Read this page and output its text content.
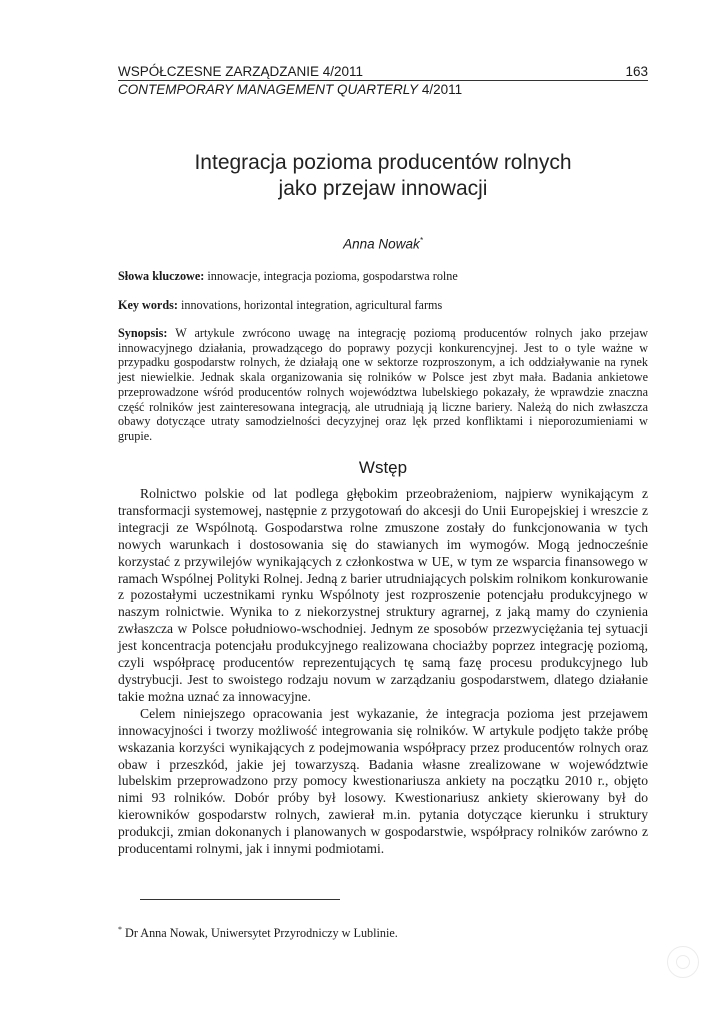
WSPÓŁCZESNE ZARZĄDZANIE 4/2011	163
CONTEMPORARY MANAGEMENT QUARTERLY 4/2011
Integracja pozioma producentów rolnych
jako przejaw innowacji
Anna Nowak*
Słowa kluczowe: innowacje, integracja pozioma, gospodarstwa rolne
Key words: innovations, horizontal integration, agricultural farms
Synopsis: W artykule zwrócono uwagę na integrację poziomą producentów rolnych jako przejaw innowacyjnego działania, prowadzącego do poprawy pozycji konkurencyjnej. Jest to o tyle ważne w przypadku gospodarstw rolnych, że działają one w sektorze rozproszonym, a ich oddziaływanie na rynek jest niewielkie. Jednak skala organizowania się rolników w Polsce jest zbyt mała. Badania ankietowe przeprowadzone wśród producentów rolnych województwa lubelskiego pokazały, że wprawdzie znaczna część rolników jest zainteresowana integracją, ale utrudniają ją liczne bariery. Należą do nich zwłaszcza obawy dotyczące utraty samodzielności decyzyjnej oraz lęk przed konfliktami i nieporozumieniami w grupie.
Wstęp

Rolnictwo polskie od lat podlega głębokim przeobrażeniom, najpierw wynikającym z transformacji systemowej, następnie z przygotowań do akcesji do Unii Europejskiej i wreszcie z integracji ze Wspólnotą. Gospodarstwa rolne zmuszone zostały do funkcjonowania w tych nowych warunkach i dostosowania się do stawianych im wymogów. Mogą jednocześnie korzystać z przywilejów wynikających z członkostwa w UE, w tym ze wsparcia finansowego w ramach Wspólnej Polityki Rolnej. Jedną z barier utrudniających polskim rolnikom konkurowanie z pozostałymi uczestnikami rynku Wspólnoty jest rozproszenie potencjału produkcyjnego w naszym rolnictwie. Wynika to z niekorzystnej struktury agrarnej, z jaką mamy do czynienia zwłaszcza w Polsce południowo-wschodniej. Jednym ze sposobów przezwyciężania tej sytuacji jest koncentracja potencjału produkcyjnego realizowana chociażby poprzez integrację poziomą, czyli współpracę producentów reprezentujących tę samą fazę procesu produkcyjnego lub dystrybucji. Jest to swoistego rodzaju novum w zarządzaniu gospodarstwem, dlatego działanie takie można uznać za innowacyjne.

Celem niniejszego opracowania jest wykazanie, że integracja pozioma jest przejawem innowacyjności i tworzy możliwość integrowania się rolników. W artykule podjęto także próbę wskazania korzyści wynikających z podejmowania współpracy przez producentów rolnych oraz obaw i przeszkód, jakie jej towarzyszą. Badania własne zrealizowane w województwie lubelskim przeprowadzono przy pomocy kwestionariusza ankiety na początku 2010 r., objęto nimi 93 rolników. Dobór próby był losowy. Kwestionariusz ankiety skierowany był do kierowników gospodarstw rolnych, zawierał m.in. pytania dotyczące kierunku i struktury produkcji, zmian dokonanych i planowanych w gospodarstwie, współpracy rolników zarówno z producentami rolnymi, jak i innymi podmiotami.

* Dr Anna Nowak, Uniwersytet Przyrodniczy w Lublinie.
